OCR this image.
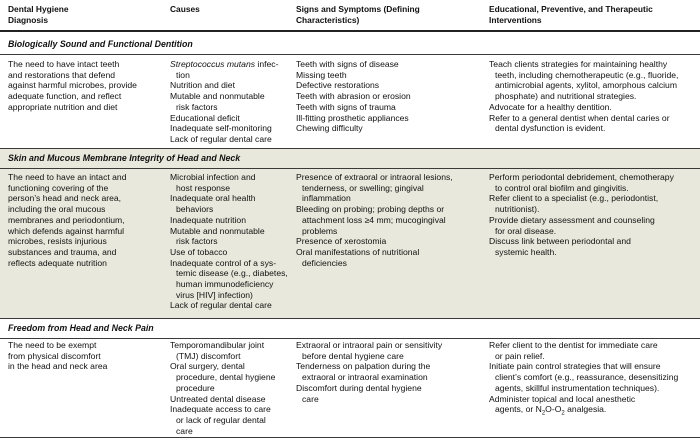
Dental Hygiene
Diagnosis
Causes	Signs and Symptoms (Defining
Characteristics)
Educational, Preventive, and Therapeutic
Interventions
Biologically Sound and Functional Dentition
The need to have intact teeth
and restorations that defend
against harmful microbes, provide
adequate function, and reflect
appropriate nutrition and diet
Streptococcus mutans infec-
tion
Nutrition and diet
Mutable and nonmutable
risk factors
Educational deficit
Inadequate self-monitoring
Lack of regular dental care
Teeth with signs of disease
Missing teeth
Defective restorations
Teeth with abrasion or erosion
Teeth with signs of trauma
Ill-fitting prosthetic appliances
Chewing difficulty
Teach clients strategies for maintaining healthy
teeth, including chemotherapeutic (e.g., fluoride,
antimicrobial agents, xylitol, amorphous calcium
phosphate) and nutritional strategies.
Advocate for a healthy dentition.
Refer to a general dentist when dental caries or
dental dysfunction is evident.
Skin and Mucous Membrane Integrity of Head and Neck
The need to have an intact and
functioning covering of the
person’s head and neck area,
including the oral mucous
membranes and periodontium,
which defends against harmful
microbes, resists injurious
substances and trauma, and
reflects adequate nutrition
Microbial infection and
host response
Inadequate oral health
behaviors
Inadequate nutrition
Mutable and nonmutable
risk factors
Use of tobacco
Inadequate control of a sys-
temic disease (e.g., diabetes,
human immunodeficiency
virus [HIV] infection)
Lack of regular dental care
Presence of extraoral or intraoral lesions,
tenderness, or swelling; gingival
inflammation
Bleeding on probing; probing depths or
attachment loss ≥4 mm; mucogingival
problems
Presence of xerostomia
Oral manifestations of nutritional
deficiencies
Perform periodontal debridement, chemotherapy
to control oral biofilm and gingivitis.
Refer client to a specialist (e.g., periodontist,
nutritionist).
Provide dietary assessment and counseling
for oral disease.
Discuss link between periodontal and
systemic health.
Freedom from Head and Neck Pain
The need to be exempt
from physical discomfort
in the head and neck area
Temporomandibular joint
(TMJ) discomfort
Oral surgery, dental
procedure, dental hygiene
procedure
Untreated dental disease
Inadequate access to care
or lack of regular dental
care
Extraoral or intraoral pain or sensitivity
before dental hygiene care
Tenderness on palpation during the
extraoral or intraoral examination
Discomfort during dental hygiene
care
Refer client to the dentist for immediate care
or pain relief.
Initiate pain control strategies that will ensure
client’s comfort (e.g., reassurance, desensitizing
agents, skillful instrumentation techniques).
Administer topical and local anesthetic
agents, or $N_2O-O_2$ analgesia.
